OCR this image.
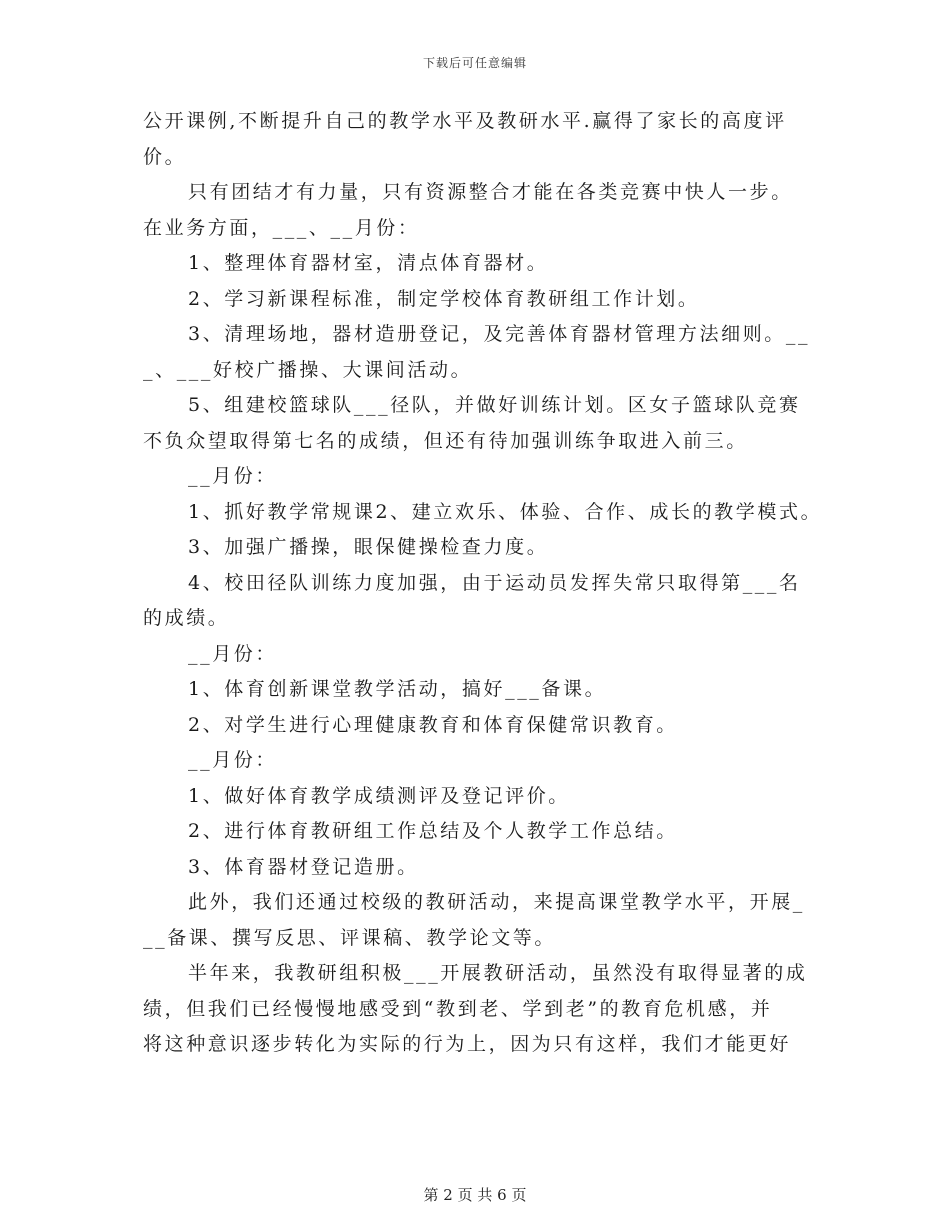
下载后可任意编辑
公开课例,不断提升自己的教学水平及教研水平.赢得了家长的高度评
价。
只有团结才有力量，只有资源整合才能在各类竞赛中快人一步。
在业务方面，___、__月份：
1、整理体育器材室，清点体育器材。
2、学习新课程标准，制定学校体育教研组工作计划。
3、清理场地，器材造册登记，及完善体育器材管理方法细则。__
_、___好校广播操、大课间活动。
5、组建校篮球队___径队，并做好训练计划。区女子篮球队竞赛
不负众望取得第七名的成绩，但还有待加强训练争取进入前三。
__月份：
1、抓好教学常规课2、建立欢乐、体验、合作、成长的教学模式。
3、加强广播操，眼保健操检查力度。
4、校田径队训练力度加强，由于运动员发挥失常只取得第___名
的成绩。
__月份：
1、体育创新课堂教学活动，搞好___备课。
2、对学生进行心理健康教育和体育保健常识教育。
__月份：
1、做好体育教学成绩测评及登记评价。
2、进行体育教研组工作总结及个人教学工作总结。
3、体育器材登记造册。
此外，我们还通过校级的教研活动，来提高课堂教学水平，开展_
__备课、撰写反思、评课稿、教学论文等。
半年来，我教研组积极___开展教研活动，虽然没有取得显著的成
绩，但我们已经慢慢地感受到“教到老、学到老”的教育危机感，并
将这种意识逐步转化为实际的行为上，因为只有这样，我们才能更好
第 2 页 共 6 页
